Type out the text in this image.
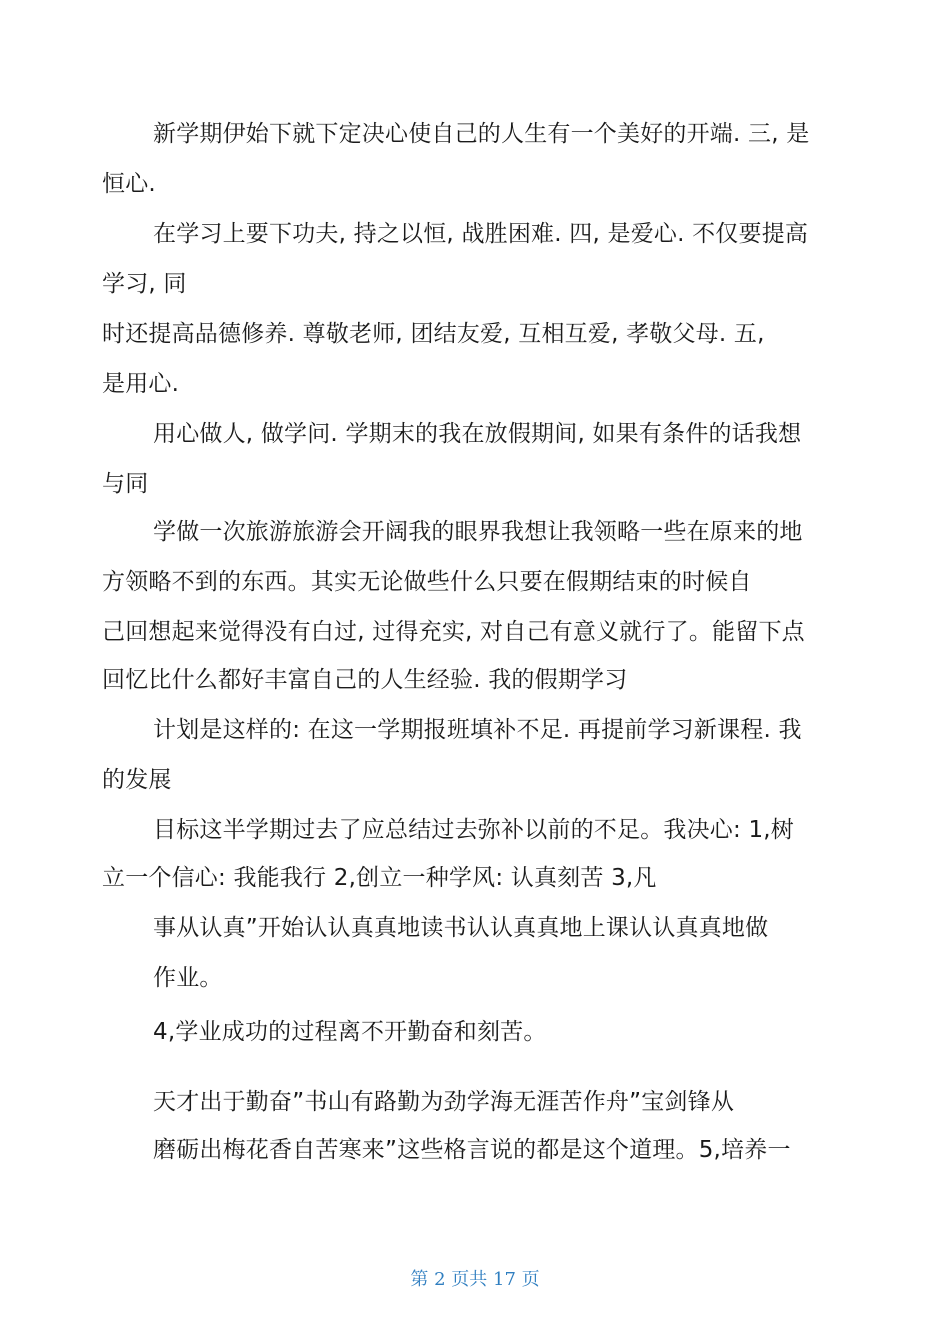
新学期伊始下就下定决心使自己的人生有一个美好的开端. 三, 是
恒心.
在学习上要下功夫, 持之以恒, 战胜困难. 四, 是爱心. 不仅要提高
学习, 同
时还提高品德修养. 尊敬老师, 团结友爱, 互相互爱, 孝敬父母. 五,
是用心.
用心做人, 做学问. 学期末的我在放假期间, 如果有条件的话我想
与同
学做一次旅游旅游会开阔我的眼界我想让我领略一些在原来的地
方领略不到的东西。其实无论做些什么只要在假期结束的时候自
己回想起来觉得没有白过, 过得充实, 对自己有意义就行了。能留下点
回忆比什么都好丰富自己的人生经验. 我的假期学习
计划是这样的: 在这一学期报班填补不足. 再提前学习新课程. 我
的发展
目标这半学期过去了应总结过去弥补以前的不足。我决心: 1,树
立一个信心: 我能我行 2,创立一种学风: 认真刻苦 3,凡
事从认真”开始认认真真地读书认认真真地上课认认真真地做
作业。
4,学业成功的过程离不开勤奋和刻苦。
天才出于勤奋”书山有路勤为劲学海无涯苦作舟”宝剑锋从
磨砺出梅花香自苦寒来”这些格言说的都是这个道理。5,培养一
第 2 页共 17 页
